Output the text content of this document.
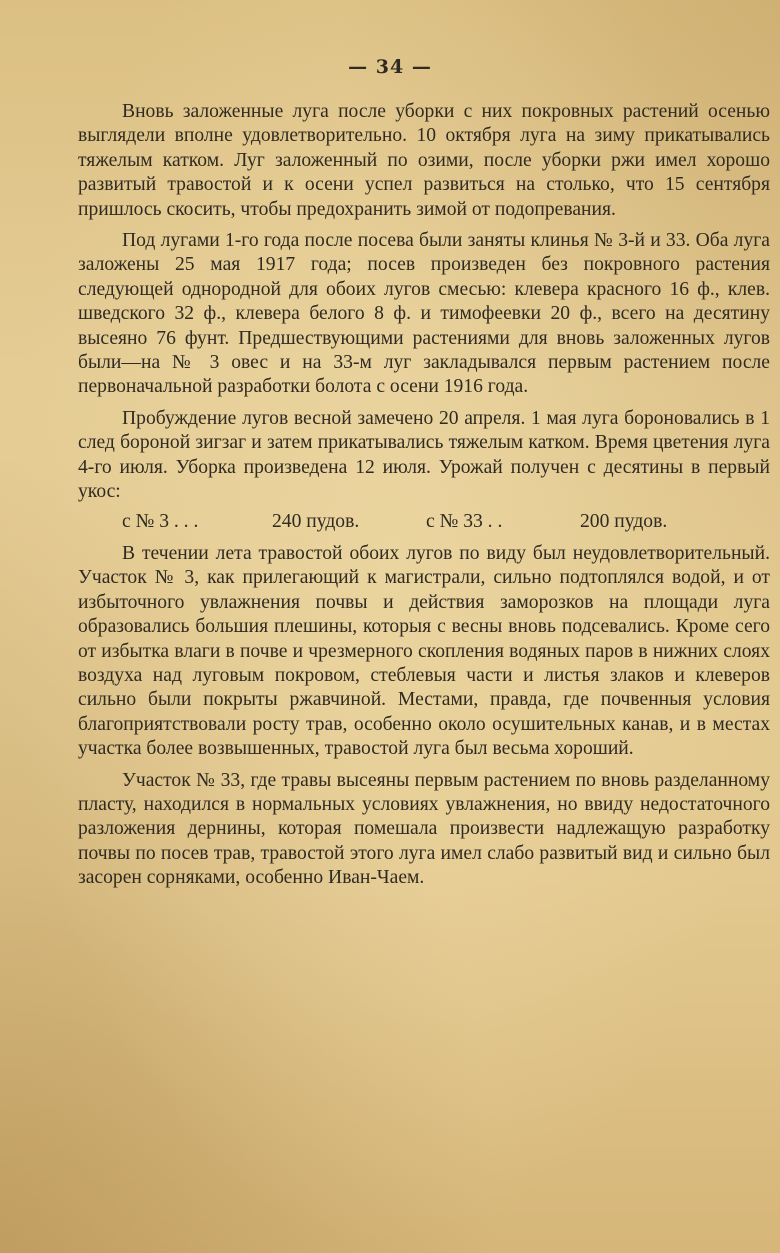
— 34 —

Вновь заложенные луга после уборки с них покровных растений осенью выглядели вполне удовлетворительно. 10 октября луга на зиму прикатывались тяжелым катком. Луг заложенный по озими, после уборки ржи имел хорошо развитый травостой и к осени успел развиться на столько, что 15 сентября пришлось скосить, чтобы предохранить зимой от подопревания.

Под лугами 1-го года после посева были заняты клинья № 3-й и 33. Оба луга заложены 25 мая 1917 года; посев произведен без покровного растения следующей однородной для обоих лугов смесью: клевера красного 16 ф., клев. шведского 32 ф., клевера белого 8 ф. и тимофеевки 20 ф., всего на десятину высеяно 76 фунт. Предшествующими растениями для вновь заложенных лугов были—на № 3 овес и на 33-м луг закладывался первым растением после первоначальной разработки болота с осени 1916 года.

Пробуждение лугов весной замечено 20 апреля. 1 мая луга бороновались в 1 след бороной зигзаг и затем прикатывались тяжелым катком. Время цветения луга 4-го июля. Уборка произведена 12 июля. Урожай получен с десятины в первый укос:

с № 3 . . .	240 пудов.	с № 33 . .	200 пудов.

В течении лета травостой обоих лугов по виду был неудовлетворительный. Участок № 3, как прилегающий к магистрали, сильно подтоплялся водой, и от избыточного увлажнения почвы и действия заморозков на площади луга образовались большия плешины, которыя с весны вновь подсевались. Кроме сего от избытка влаги в почве и чрезмерного скопления водяных паров в нижних слоях воздуха над луговым покровом, стеблевыя части и листья злаков и клеверов сильно были покрыты ржавчиной. Местами, правда, где почвенныя условия благоприятствовали росту трав, особенно около осушительных канав, и в местах участка более возвышенных, травостой луга был весьма хороший.

Участок № 33, где травы высеяны первым растением по вновь разделанному пласту, находился в нормальных условиях увлажнения, но ввиду недостаточного разложения дернины, которая помешала произвести надлежащую разработку почвы по посев трав, травостой этого луга имел слабо развитый вид и сильно был засорен сорняками, особенно Иван-Чаем.
